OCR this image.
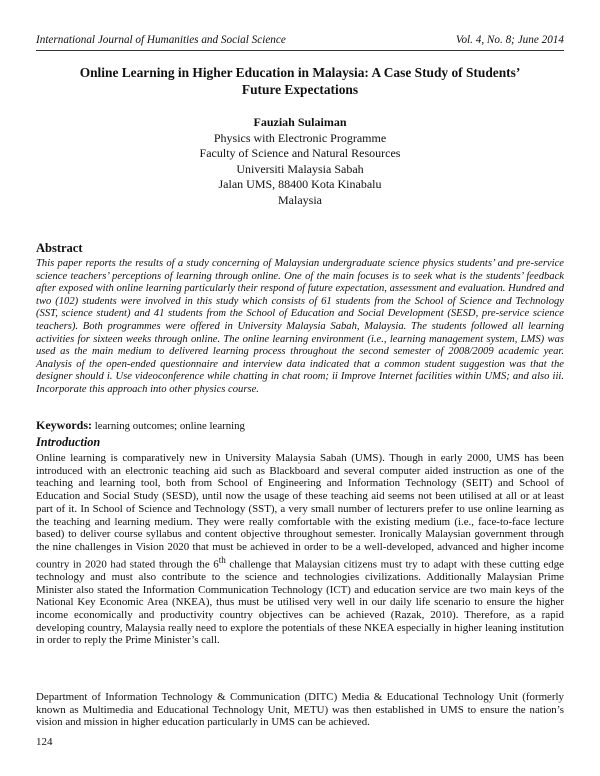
International Journal of Humanities and Social Science	Vol. 4, No. 8; June 2014
Online Learning in Higher Education in Malaysia: A Case Study of Students’
Future Expectations
Fauziah Sulaiman
Physics with Electronic Programme
Faculty of Science and Natural Resources
Universiti Malaysia Sabah
Jalan UMS, 88400 Kota Kinabalu
Malaysia
Abstract
This paper reports the results of a study concerning of Malaysian undergraduate science physics students’ and pre-service science teachers’ perceptions of learning through online. One of the main focuses is to seek what is the students’ feedback after exposed with online learning particularly their respond of future expectation, assessment and evaluation. Hundred and two (102) students were involved in this study which consists of 61 students from the School of Science and Technology (SST, science student) and 41 students from the School of Education and Social Development (SESD, pre-service science teachers). Both programmes were offered in University Malaysia Sabah, Malaysia. The students followed all learning activities for sixteen weeks through online. The online learning environment (i.e., learning management system, LMS) was used as the main medium to delivered learning process throughout the second semester of 2008/2009 academic year. Analysis of the open-ended questionnaire and interview data indicated that a common student suggestion was that the designer should i. Use videoconference while chatting in chat room; ii Improve Internet facilities within UMS; and also iii. Incorporate this approach into other physics course.
Keywords: learning outcomes; online learning
Introduction
Online learning is comparatively new in University Malaysia Sabah (UMS). Though in early 2000, UMS has been introduced with an electronic teaching aid such as Blackboard and several computer aided instruction as one of the teaching and learning tool, both from School of Engineering and Information Technology (SEIT) and School of Education and Social Study (SESD), until now the usage of these teaching aid seems not been utilised at all or at least part of it. In School of Science and Technology (SST), a very small number of lecturers prefer to use online learning as the teaching and learning medium. They were really comfortable with the existing medium (i.e., face-to-face lecture based) to deliver course syllabus and content objective throughout semester. Ironically Malaysian government through the nine challenges in Vision 2020 that must be achieved in order to be a well-developed, advanced and higher income country in 2020 had stated through the 6th challenge that Malaysian citizens must try to adapt with these cutting edge technology and must also contribute to the science and technologies civilizations. Additionally Malaysian Prime Minister also stated the Information Communication Technology (ICT) and education service are two main keys of the National Key Economic Area (NKEA), thus must be utilised very well in our daily life scenario to ensure the higher income economically and productivity country objectives can be achieved (Razak, 2010). Therefore, as a rapid developing country, Malaysia really need to explore the potentials of these NKEA especially in higher leaning institution in order to reply the Prime Minister’s call.
Department of Information Technology & Communication (DITC) Media & Educational Technology Unit (formerly known as Multimedia and Educational Technology Unit, METU) was then established in UMS to ensure the nation’s vision and mission in higher education particularly in UMS can be achieved.
124
